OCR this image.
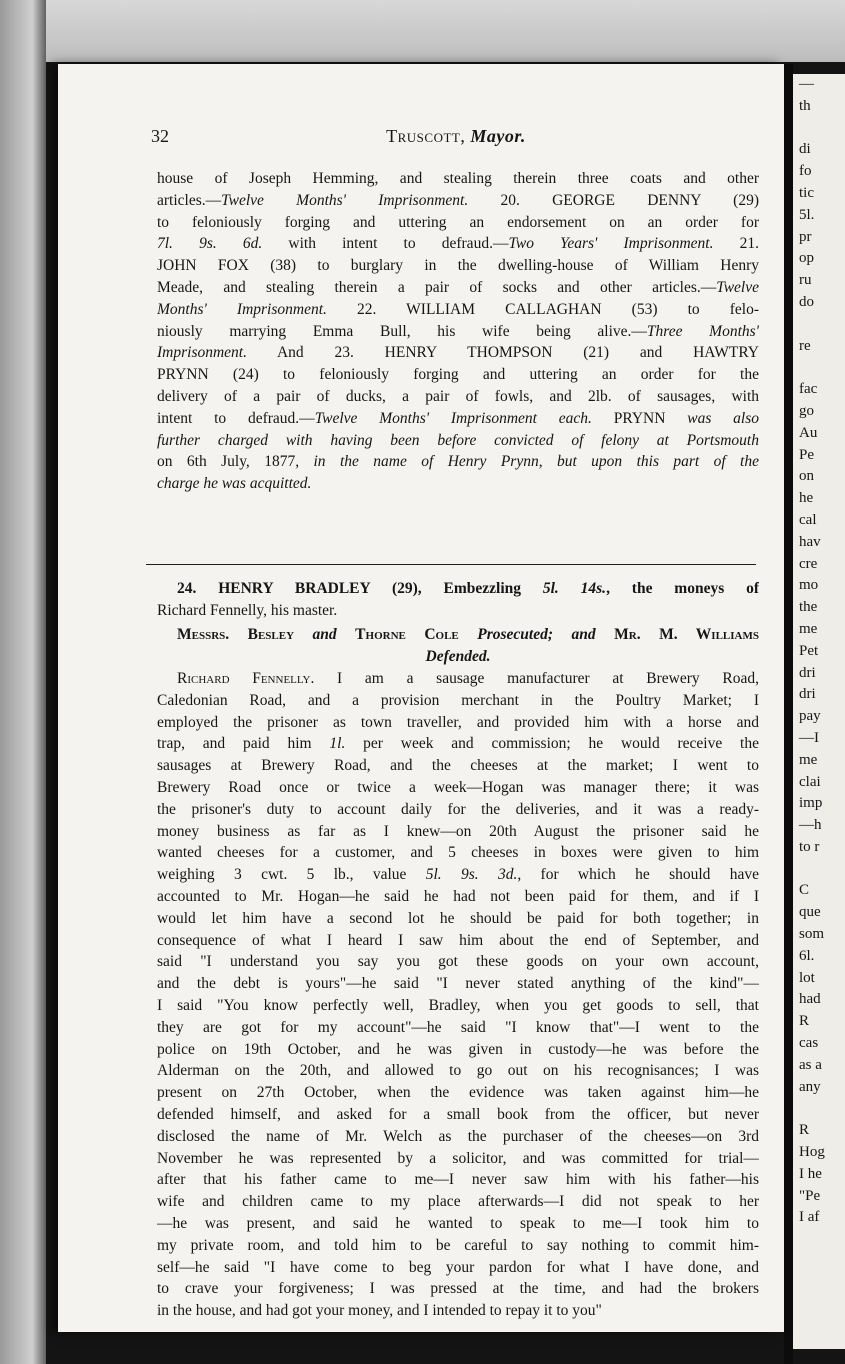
32	Truscott, Mayor.
house of Joseph Hemming, and stealing therein three coats and other
articles.—Twelve Months' Imprisonment. 20. GEORGE DENNY (29)
to feloniously forging and uttering an endorsement on an order for
7l. 9s. 6d. with intent to defraud.—Two Years' Imprisonment. 21.
JOHN FOX (38) to burglary in the dwelling-house of William Henry
Meade, and stealing therein a pair of socks and other articles.—Twelve
Months' Imprisonment. 22. WILLIAM CALLAGHAN (53) to felo-
niously marrying Emma Bull, his wife being alive.—Three Months'
Imprisonment. And 23. HENRY THOMPSON (21) and HAWTRY
PRYNN (24) to feloniously forging and uttering an order for the
delivery of a pair of ducks, a pair of fowls, and 2lb. of sausages, with
intent to defraud.—Twelve Months' Imprisonment each. PRYNN was also
further charged with having been before convicted of felony at Portsmouth
on 6th July, 1877, in the name of Henry Prynn, but upon this part of the
charge he was acquitted.
24. HENRY BRADLEY (29), Embezzling 5l. 14s., the moneys of
Richard Fennelly, his master.
Messrs. Besley and Thorne Cole Prosecuted; and Mr. M. Williams
Defended.
Richard Fennelly. I am a sausage manufacturer at Brewery Road,
Caledonian Road, and a provision merchant in the Poultry Market; I
employed the prisoner as town traveller, and provided him with a horse and
trap, and paid him 1l. per week and commission; he would receive the
sausages at Brewery Road, and the cheeses at the market; I went to
Brewery Road once or twice a week—Hogan was manager there; it was
the prisoner's duty to account daily for the deliveries, and it was a ready-
money business as far as I knew—on 20th August the prisoner said he
wanted cheeses for a customer, and 5 cheeses in boxes were given to him
weighing 3 cwt. 5 lb., value 5l. 9s. 3d., for which he should have
accounted to Mr. Hogan—he said he had not been paid for them, and if I
would let him have a second lot he should be paid for both together; in
consequence of what I heard I saw him about the end of September, and
said "I understand you say you got these goods on your own account,
and the debt is yours"—he said "I never stated anything of the kind"—
I said "You know perfectly well, Bradley, when you get goods to sell, that
they are got for my account"—he said "I know that"—I went to the
police on 19th October, and he was given in custody—he was before the
Alderman on the 20th, and allowed to go out on his recognisances; I was
present on 27th October, when the evidence was taken against him—he
defended himself, and asked for a small book from the officer, but never
disclosed the name of Mr. Welch as the purchaser of the cheeses—on 3rd
November he was represented by a solicitor, and was committed for trial—
after that his father came to me—I never saw him with his father—his
wife and children came to my place afterwards—I did not speak to her
—he was present, and said he wanted to speak to me—I took him to
my private room, and told him to be careful to say nothing to commit him-
self—he said "I have come to beg your pardon for what I have done, and
to crave your forgiveness; I was pressed at the time, and had the brokers
in the house, and had got your money, and I intended to repay it to you"
—
th
di
fo
tic
5l.
pr
op
ru
do
re
fac
go
Au
Pe
on
he
cal
hav
cre
mo
the
me
Pet
dri
dri
pay
—I
me
clai
imp
—h
to r
C
que
som
6l.
lot
had
R
cas
as a
any
R
Hog
I he
"Pe
I af
